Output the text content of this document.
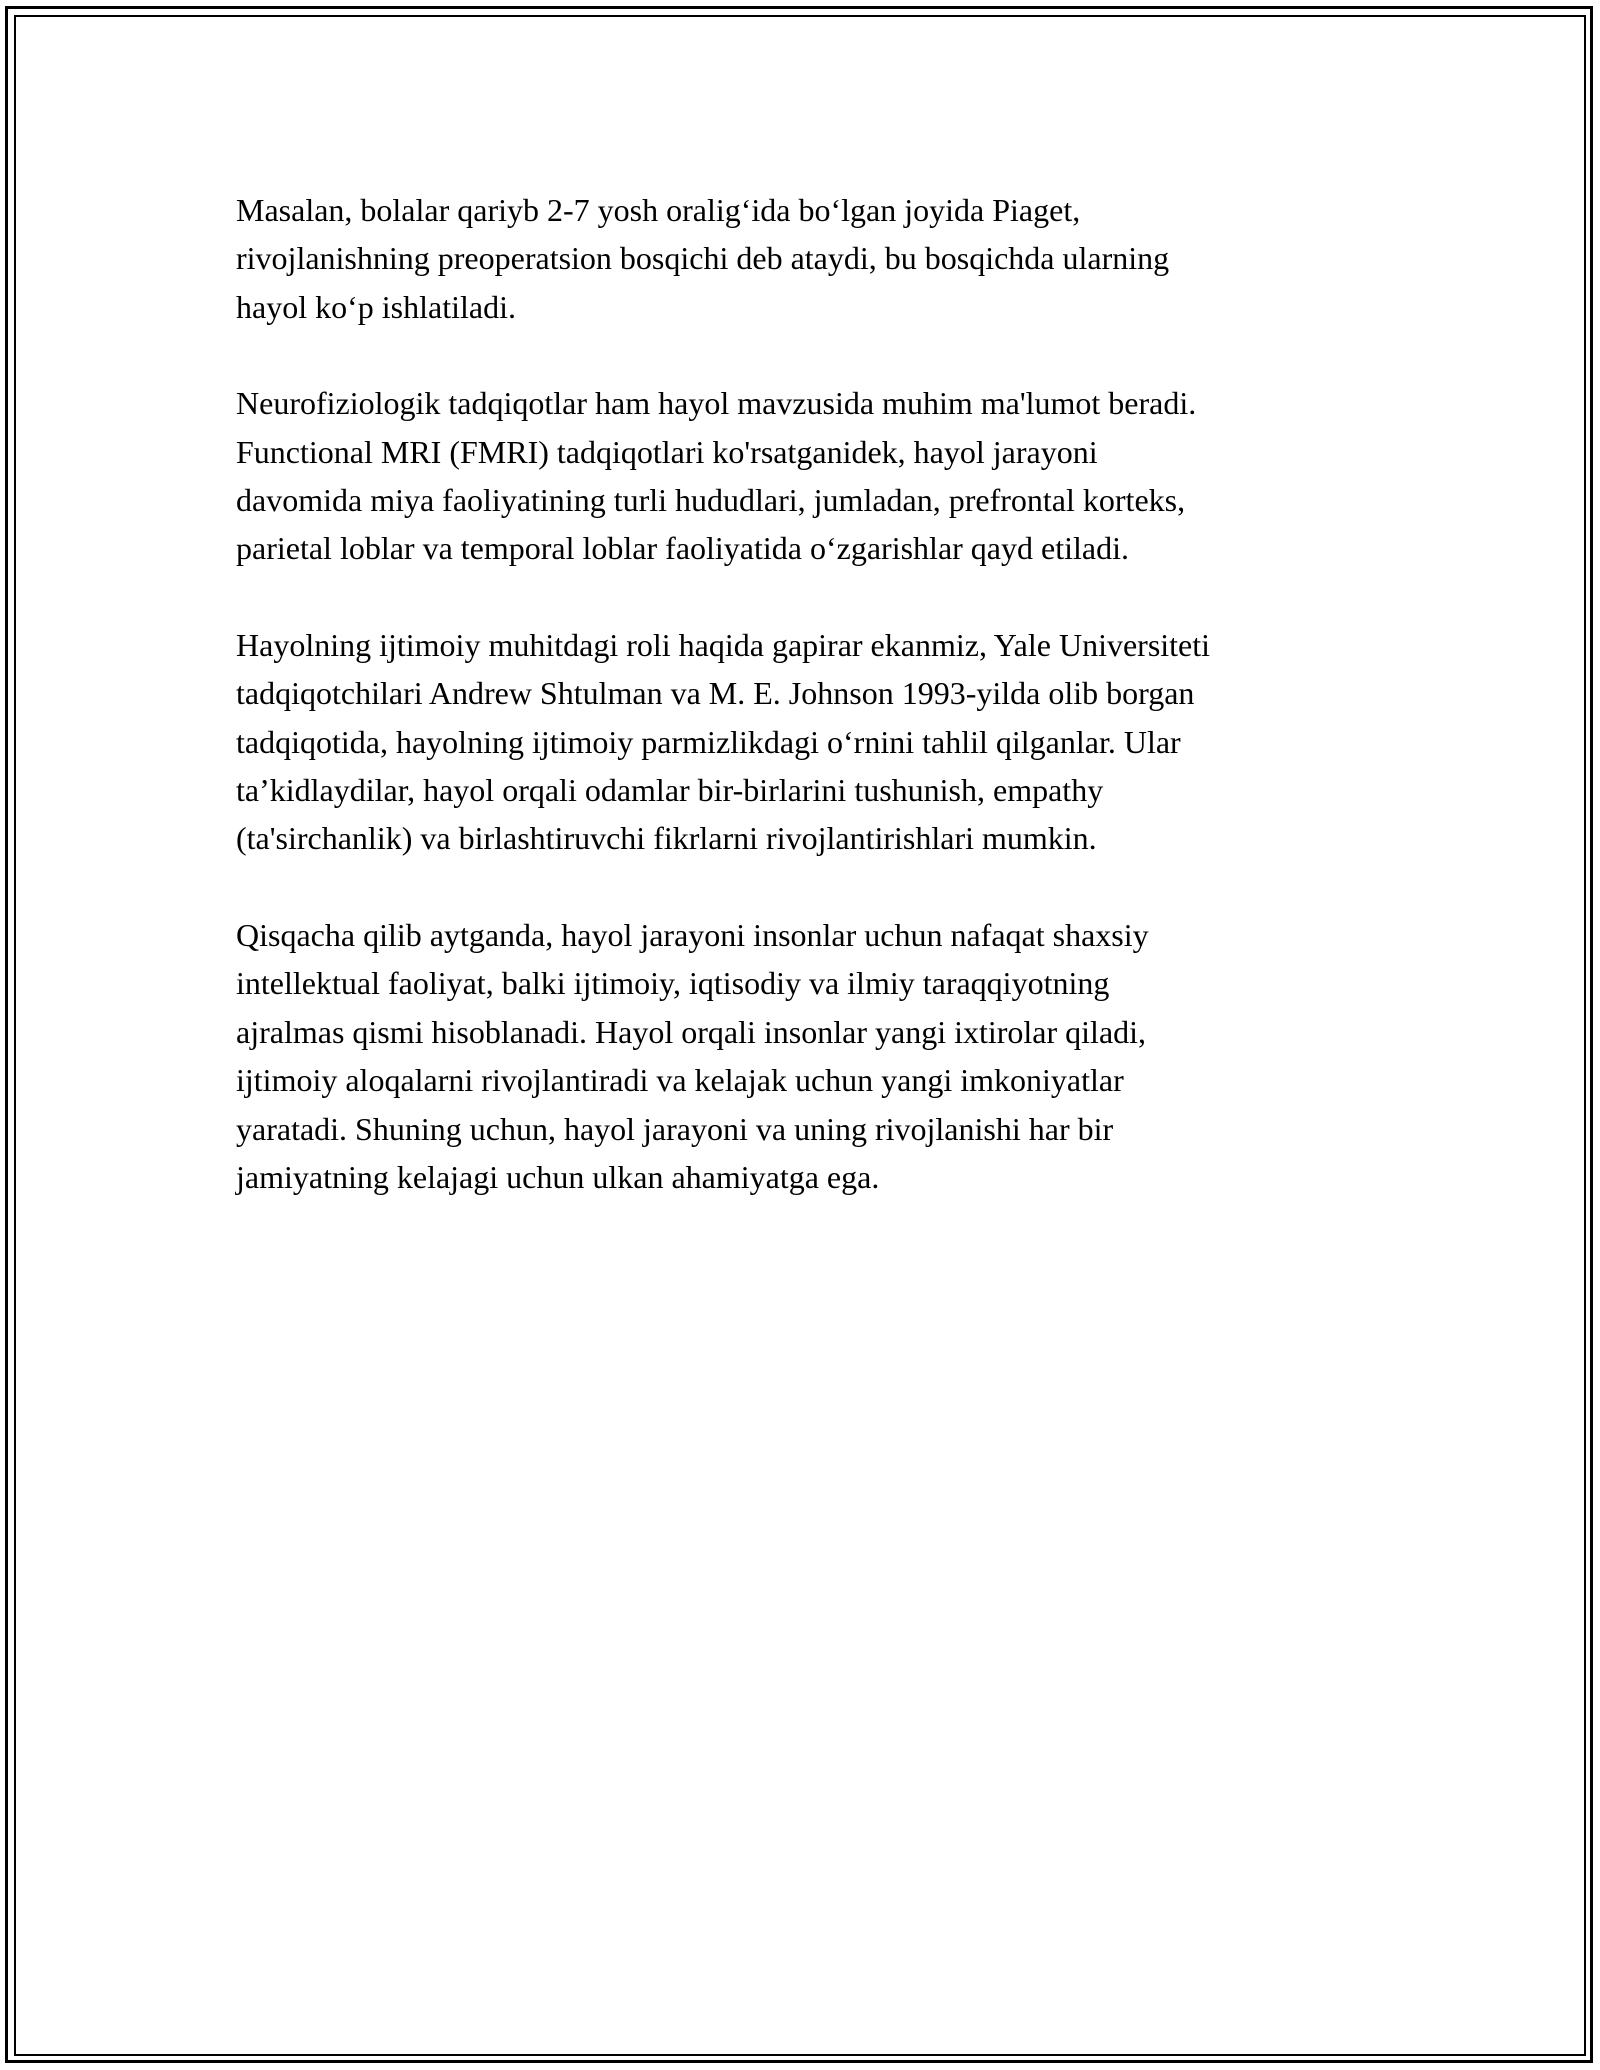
Masalan, bolalar qariyb 2-7 yosh oralig‘ida bo‘lgan joyida Piaget,
rivojlanishning preoperatsion bosqichi deb ataydi, bu bosqichda ularning
hayol ko‘p ishlatiladi.

Neurofiziologik tadqiqotlar ham hayol mavzusida muhim ma'lumot beradi.
Functional MRI (FMRI) tadqiqotlari ko'rsatganidek, hayol jarayoni
davomida miya faoliyatining turli hududlari, jumladan, prefrontal korteks,
parietal loblar va temporal loblar faoliyatida o‘zgarishlar qayd etiladi.

Hayolning ijtimoiy muhitdagi roli haqida gapirar ekanmiz, Yale Universiteti
tadqiqotchilari Andrew Shtulman va M. E. Johnson 1993-yilda olib borgan
tadqiqotida, hayolning ijtimoiy parmizlikdagi o‘rnini tahlil qilganlar. Ular
ta’kidlaydilar, hayol orqali odamlar bir-birlarini tushunish, empathy
(ta'sirchanlik) va birlashtiruvchi fikrlarni rivojlantirishlari mumkin.

Qisqacha qilib aytganda, hayol jarayoni insonlar uchun nafaqat shaxsiy
intellektual faoliyat, balki ijtimoiy, iqtisodiy va ilmiy taraqqiyotning
ajralmas qismi hisoblanadi. Hayol orqali insonlar yangi ixtirolar qiladi,
ijtimoiy aloqalarni rivojlantiradi va kelajak uchun yangi imkoniyatlar
yaratadi. Shuning uchun, hayol jarayoni va uning rivojlanishi har bir
jamiyatning kelajagi uchun ulkan ahamiyatga ega.
